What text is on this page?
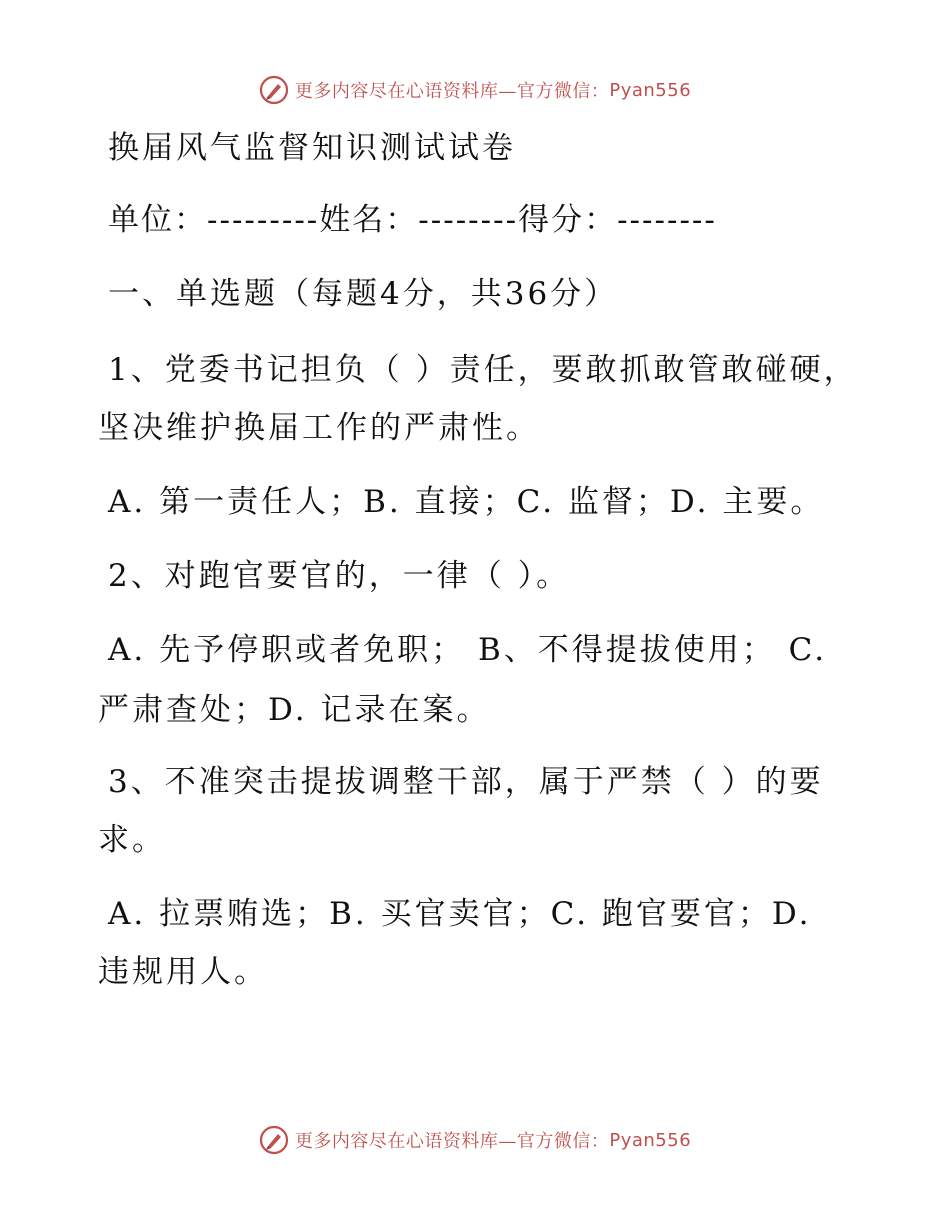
更多内容尽在心语资料库—官方微信： Pyan556
换届风气监督知识测试试卷
单位：---------姓名：--------得分：--------
一、单选题（每题4分，共36分）
1、党委书记担负（ ）责任，要敢抓敢管敢碰硬，
坚决维护换届工作的严肃性。
A. 第一责任人；B. 直接；C. 监督；D. 主要。
2、对跑官要官的，一律（ ）。
A. 先予停职或者免职； B、不得提拔使用； C.
严肃查处；D. 记录在案。
3、不准突击提拔调整干部，属于严禁（ ）的要
求。
A. 拉票贿选；B. 买官卖官；C. 跑官要官；D.
违规用人。
更多内容尽在心语资料库—官方微信： Pyan556
